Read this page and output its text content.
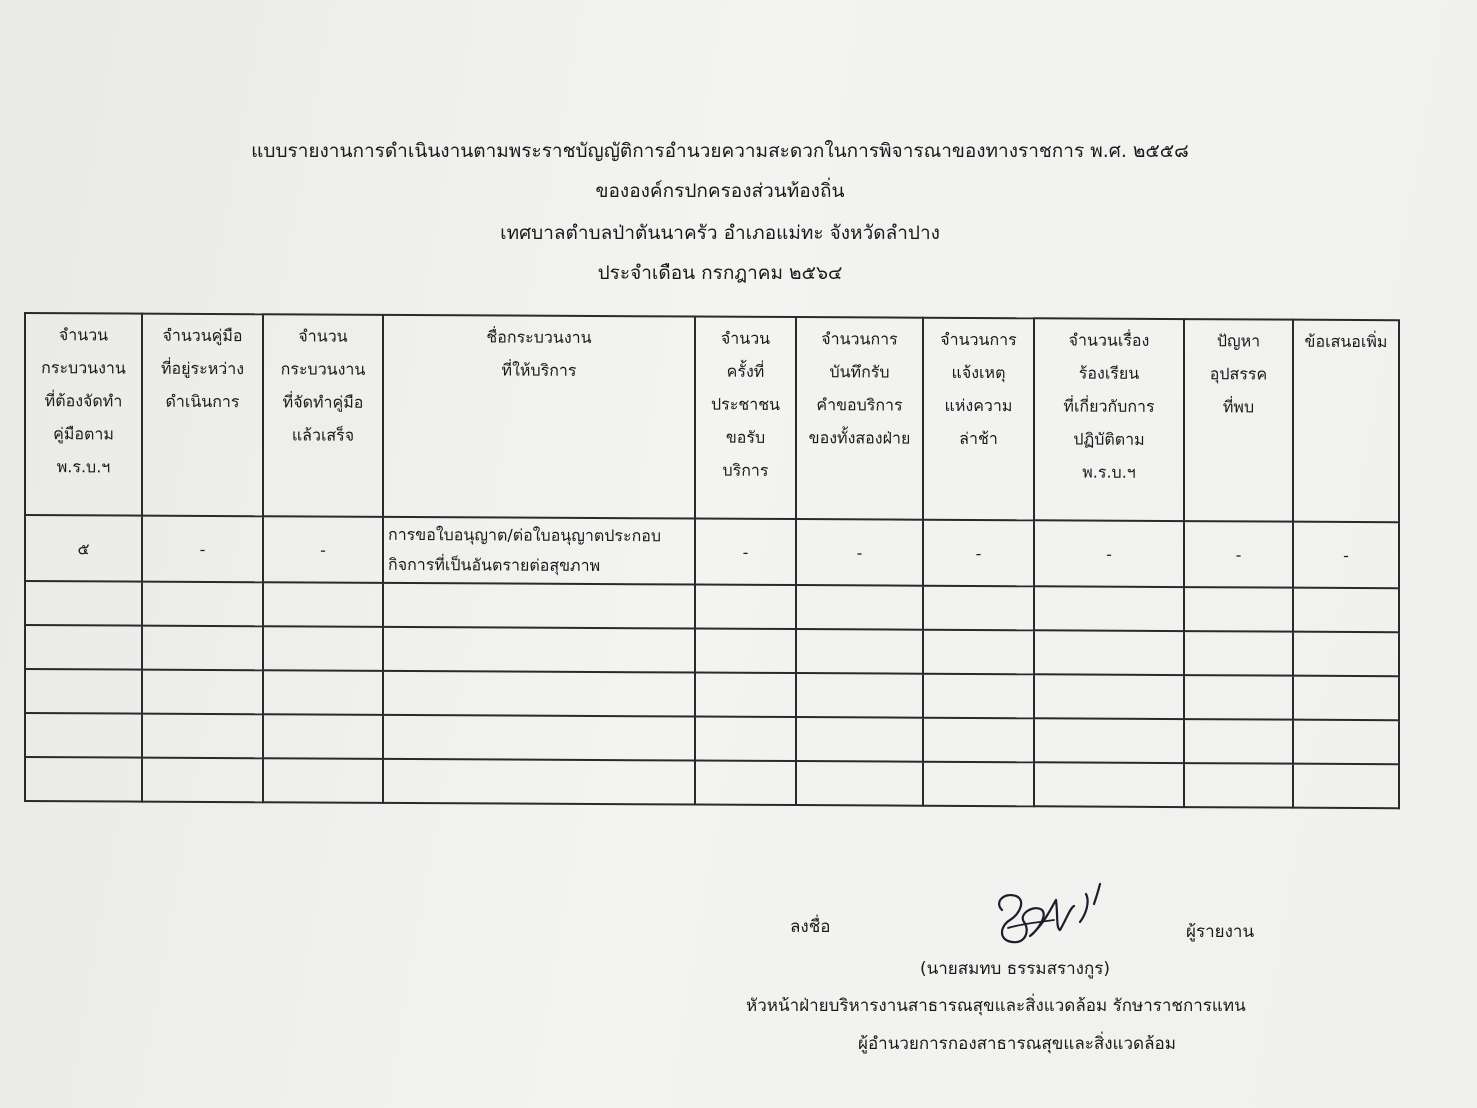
แบบรายงานการดำเนินงานตามพระราชบัญญัติการอำนวยความสะดวกในการพิจารณาของทางราชการ พ.ศ. ๒๕๕๘
ขององค์กรปกครองส่วนท้องถิ่น
เทศบาลตำบลป่าตันนาครัว อำเภอแม่ทะ จังหวัดลำปาง
ประจำเดือน กรกฎาคม ๒๕๖๔
จำนวน
กระบวนงาน
ที่ต้องจัดทำ
คู่มือตาม
พ.ร.บ.ฯ	จำนวนคู่มือ
ที่อยู่ระหว่าง
ดำเนินการ	จำนวน
กระบวนงาน
ที่จัดทำคู่มือ
แล้วเสร็จ	ชื่อกระบวนงาน
ที่ให้บริการ	จำนวน
ครั้งที่
ประชาชน
ขอรับ
บริการ	จำนวนการ
บันทึกรับ
คำขอบริการ
ของทั้งสองฝ่าย	จำนวนการ
แจ้งเหตุ
แห่งความ
ล่าช้า	จำนวนเรื่อง
ร้องเรียน
ที่เกี่ยวกับการ
ปฏิบัติตาม
พ.ร.บ.ฯ	ปัญหา
อุปสรรค
ที่พบ	ข้อเสนอเพิ่ม

๕	-	-	การขอใบอนุญาต/ต่อใบอนุญาตประกอบ
กิจการที่เป็นอันตรายต่อสุขภาพ	-	-	-	-	-	-

ลงชื่อ	ผู้รายงาน
(นายสมทบ ธรรมสรางกูร)
หัวหน้าฝ่ายบริหารงานสาธารณสุขและสิ่งแวดล้อม รักษาราชการแทน
ผู้อำนวยการกองสาธารณสุขและสิ่งแวดล้อม
